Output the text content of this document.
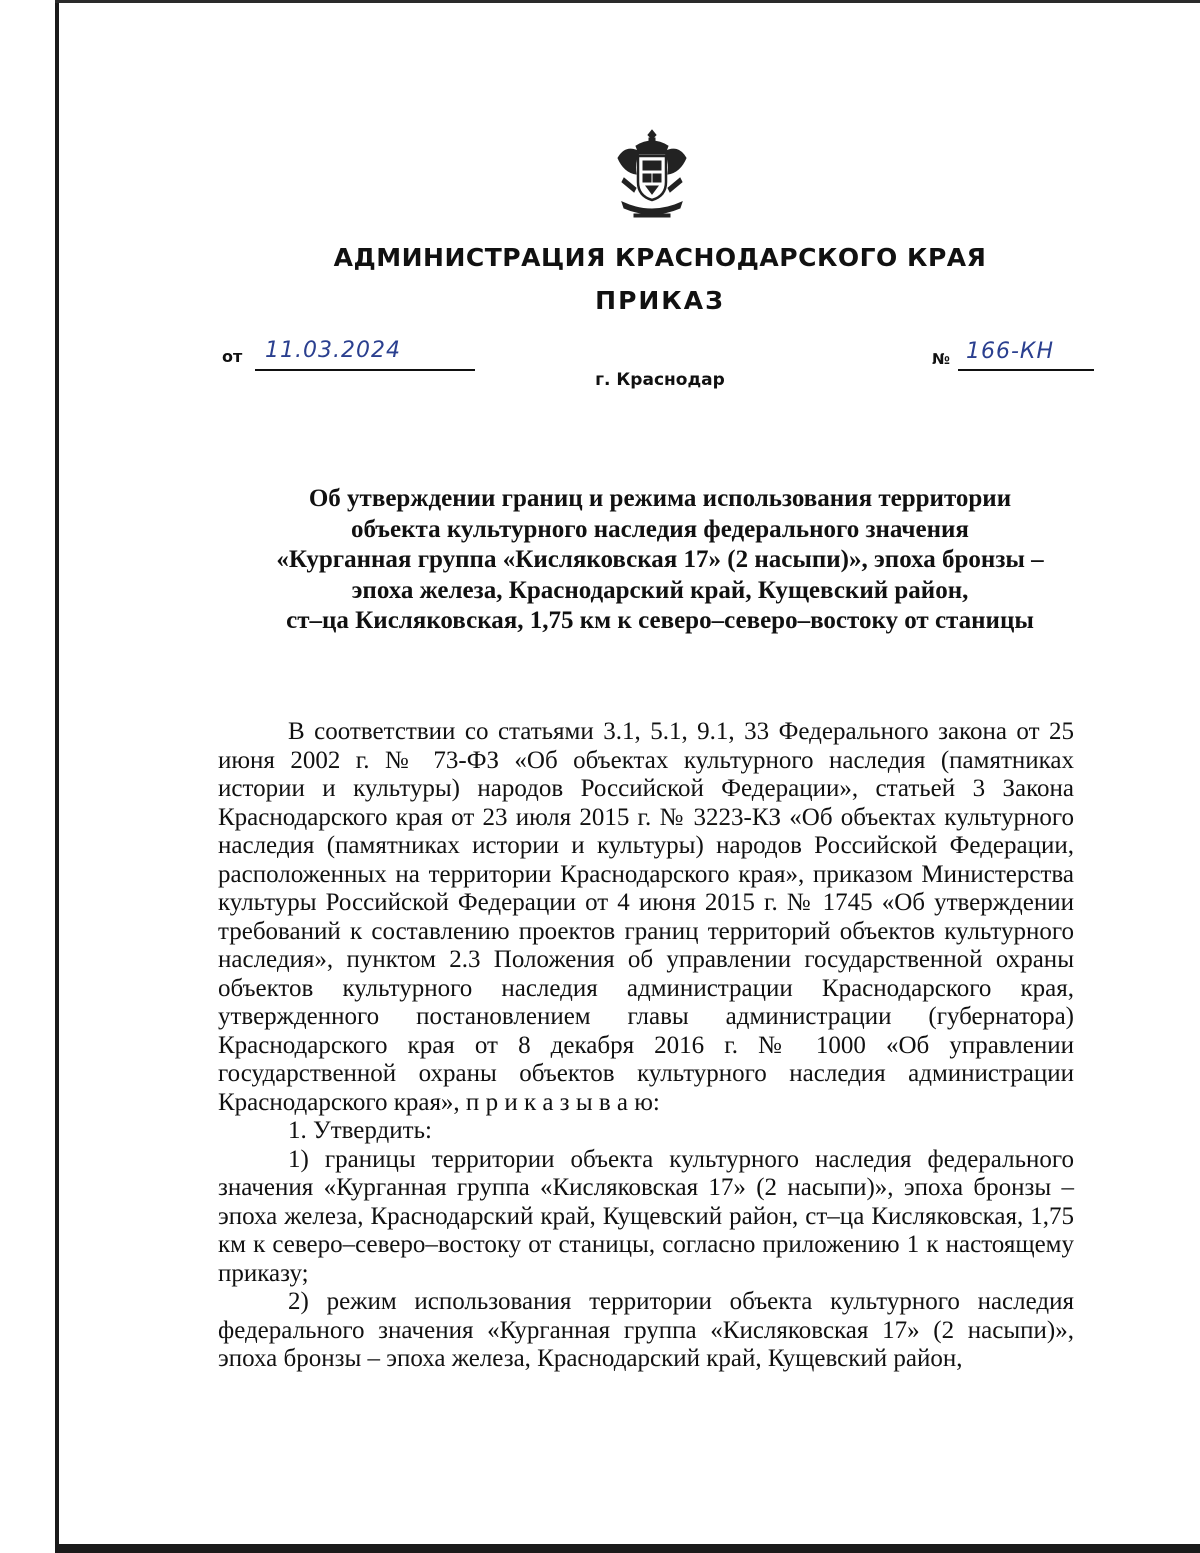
АДМИНИСТРАЦИЯ КРАСНОДАРСКОГО КРАЯ
ПРИКАЗ
от 11.03.2024
г. Краснодар
№ 166-КН
Об утверждении границ и режима использования территории
объекта культурного наследия федерального значения
«Курганная группа «Кисляковская 17» (2 насыпи)», эпоха бронзы –
эпоха железа, Краснодарский край, Кущевский район,
ст–ца Кисляковская, 1,75 км к северо–северо–востоку от станицы

В соответствии со статьями 3.1, 5.1, 9.1, 33 Федерального закона от 25 июня 2002 г. № 73-ФЗ «Об объектах культурного наследия (памятниках истории и культуры) народов Российской Федерации», статьей 3 Закона Краснодарского края от 23 июля 2015 г. № 3223-КЗ «Об объектах культурного наследия (памятниках истории и культуры) народов Российской Федерации, расположенных на территории Краснодарского края», приказом Министерства культуры Российской Федерации от 4 июня 2015 г. № 1745 «Об утверждении требований к составлению проектов границ территорий объектов культурного наследия», пунктом 2.3 Положения об управлении государственной охраны объектов культурного наследия администрации Краснодарского края, утвержденного постановлением главы администрации (губернатора) Краснодарского края от 8 декабря 2016 г. № 1000 «Об управлении государственной охраны объектов культурного наследия администрации Краснодарского края», п р и к а з ы в а ю:

1. Утвердить:

1) границы территории объекта культурного наследия федерального значения «Курганная группа «Кисляковская 17» (2 насыпи)», эпоха бронзы – эпоха железа, Краснодарский край, Кущевский район, ст–ца Кисляковская, 1,75 км к северо–северо–востоку от станицы, согласно приложению 1 к настоящему приказу;

2) режим использования территории объекта культурного наследия федерального значения «Курганная группа «Кисляковская 17» (2 насыпи)», эпоха бронзы – эпоха железа, Краснодарский край, Кущевский район,
